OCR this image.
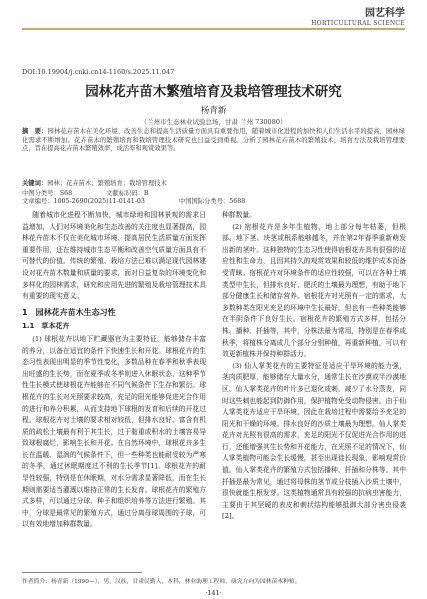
园艺科学
HORTICULTURAL SCIENCE
DOI:10.19904/j.cnki.cn14-1160/s.2025.11.047
园林花卉苗木繁殖培育及栽培管理技术研究
杨青新
（兰州市生态林业试验总场，甘肃 兰州 730080）
摘　要：园林花卉苗木在美化环境、改善生态和提高生活质量方面具有重要作用，随着城市化进程的加快和人们生活水平的提高，园林绿化需求不断增加。花卉苗木的繁殖培育和栽培管理技术研究也日益受到重视。分析了园林花卉苗木的繁殖技术，培育方法及栽培管理要点，旨在提高花卉苗木繁殖效率，成活率和观赏效果等。
关键词：园林；花卉苗木；繁殖培育；栽培管理技术
中图分类号：S68	文献标识码：B
文章编号：1005-2690(2025)11-0141-03	中国国际分类号：5688

随着城市化进程不断加快，城市绿地和园林景观的需求日益增加，人们对环境美化和生态改善的关注度也显著提高，园林花卉苗木不仅在美化城市环境、提高居民生活质量方面发挥重要作用，还在维持城市生态平衡和改善空气质量方面具有不可替代的价值。传统的繁殖、栽培方法已难以满足现代园林建设对花卉苗木数量和质量的要求，面对日益复杂的环境变化和多样化的园林需求，研究和应用先进的繁殖及栽培管理技术具有重要的现实意义。

1　园林花卉苗木生态习性
1.1　草本花卉

(1) 球根花卉以地下贮藏器官为主要特征，能够储存丰富的养分，以备在适宜的条件下快速生长和开花。球根花卉的生态习性表现出明显的季节性变化，多数品种在春季和秋季表现出旺盛的生长势，而在夏季或冬季则进入休眠状态，这种季节性生长模式使球根花卉能够在不同气候条件下生存和繁衍。球根花卉的生长对光照要求较高，充足的阳光能够促进光合作用的进行和养分积累，从而支持地下球根的发育和后续的开花过程。球根花卉对土壤的要求相对较低，但排水良好、富含有机质的疏松土壤最有利于其生长，过于黏重或积水的土壤容易导致球根腐烂，影响生长和开花。在自然环境中，球根花卉多生长在温暖、湿润的气候条件下，但一些种类也能耐受较为严寒的冬季，通过休眠期度过不利的生长季节[1]。球根花卉的耐旱性较强，特别是在休眠期，对水分需求显著降低，而在生长期则需要适当灌溉以维持正常的生长发育。球根花卉的繁殖方式多样，可以通过分球、种子和组织培养等方法进行繁殖。其中，分球是最常见的繁殖方式，通过分离母球周围的子球，可以有效地增加种群数量。

种群数量。

(2) 宿根花卉是多年生植物，地上部分每年枯萎，但根部、地下茎、块茎或根系能够越冬，并在第2年春季重新萌发出新的茎叶。这种独特的生态习性使得宿根花卉具有很强的适应性和生命力，且因其持久的观赏效果和较低的维护成本而备受青睐。宿根花卉对环境条件的适应性较强，可以在各种土壤类型中生长，但排水良好、肥沃的土壤最为理想，有助于地下部分健康生长和储存营养。宿根花卉对光照有一定的需求，大多数种类在阳光充足的环境中生长最好，但也有一些种类能够在半阴条件下良好生长。宿根花卉的繁殖方式多样，包括分株、播种、扦插等，其中，分株法最为常用，特别是在春季或秋季，将植株分离成几个部分分别种植，再重新种植，可以有效更新植株并保持种群活力。

(3) 仙人掌类花卉的主要特征是适应干旱环境的能力强，茎肉质肥厚，能够储存大量水分，通常生长在沙漠或半沙漠地区。仙人掌类花卉的叶片多已退化或刺，减少了水分蒸发，同时这些刺也能起到防御作用，保护植物免受动物侵害。由于仙人掌类花卉适应干旱环境，因此在栽培过程中需要给予充足的阳光和干燥的环境。排水良好的沙质土壤最为理想。仙人掌类花卉对光照有很高的需求，充足的阳光不仅促进光合作用的进行，还能增强其生长势和开花能力，在光照不足的情况下，仙人掌类植物可能会生长缓慢，甚至出现徒长现象，影响观赏价值。仙人掌类花卉的繁殖方式包括播种、扦插和分株等。其中扦插是最为常见，通过将母株的茎节或分枝插入沙质土壤中，很快就能生根发芽。这类植物通常具有较强的抗病虫害能力，主要由于其坚硬的表皮和刺状结构能够抵御大部分害虫侵袭[2]。

作者简介：杨青新（1990—），男，汉族，甘肃民勤人，本科，林业助理工程师，研究方向为园林苗木种植。
·141·
